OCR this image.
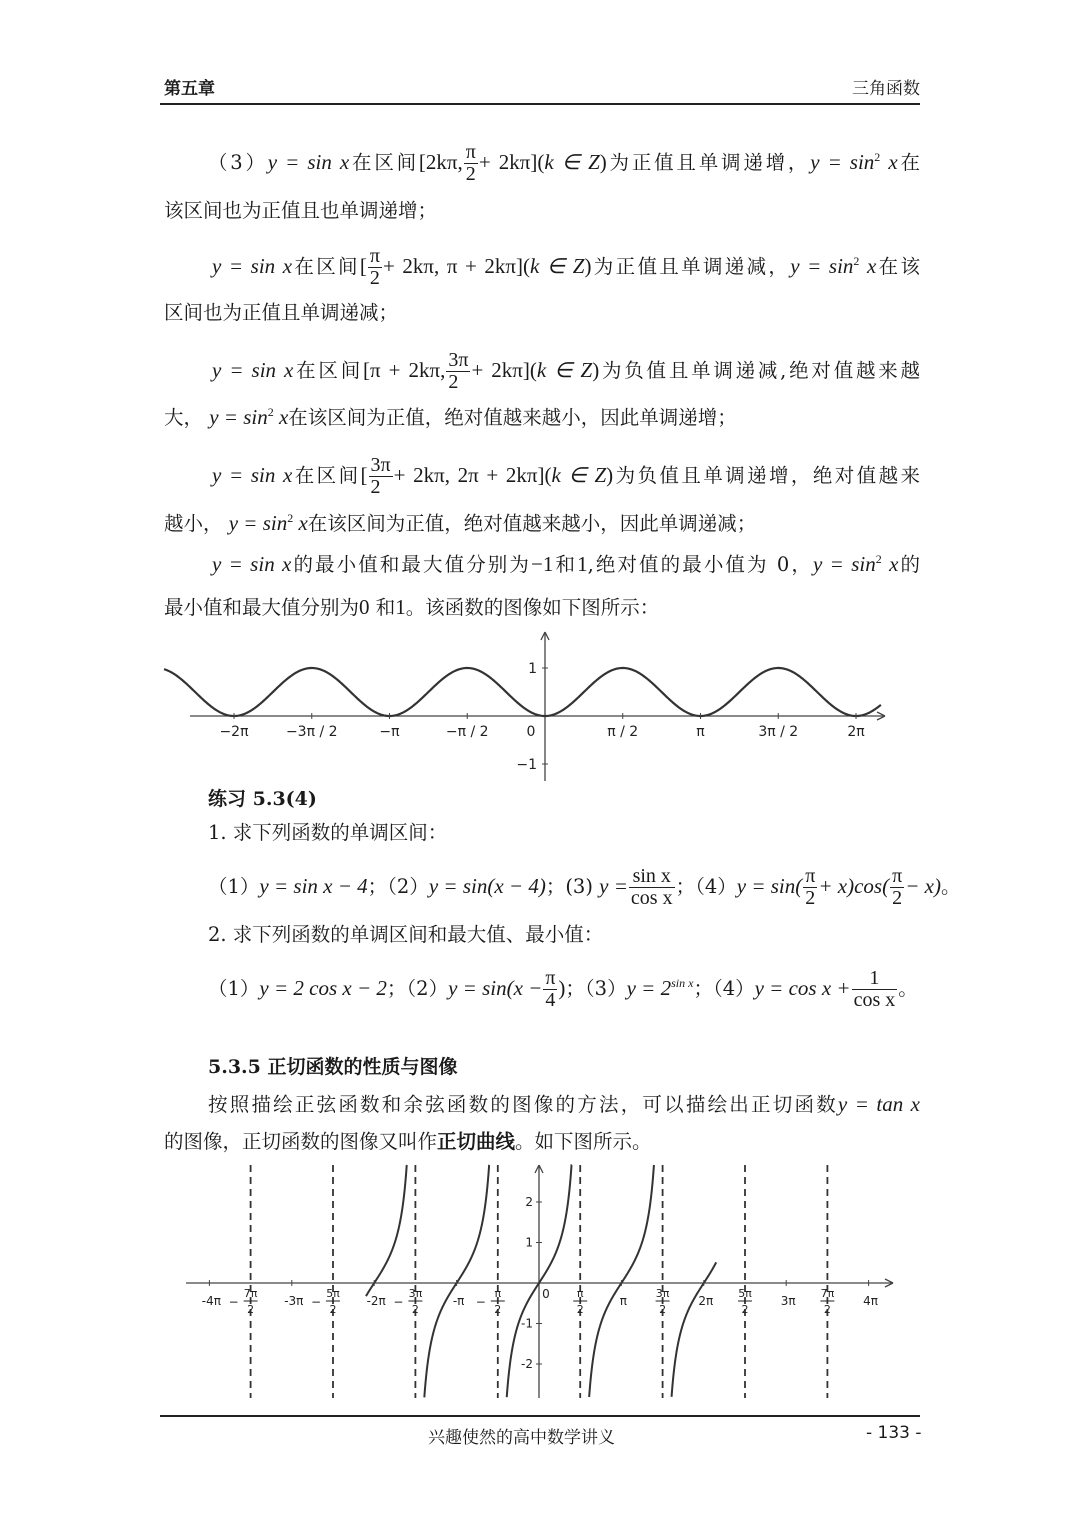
第五章	三角函数
（3）y = sin x在区间[2kπ, $\frac{\pi}{2} + 2k\pi](k$ ∈ Z)为正值且单调递增，$y = \sin^2 x$在
该区间也为正值且也单调递增；
y = sin x在区间[ $\frac{\pi}{2} + 2k\pi$, π + 2kπ](k ∈ Z)为正值且单调递减，$y = \sin^2 x$在该
区间也为正值且单调递减；
y = sin x在区间[π + 2kπ, $\frac{3\pi}{2} + 2k\pi](k$ ∈ Z)为负值且单调递减,绝对值越来越
大， $y = \sin^2 x$在该区间为正值，绝对值越来越小，因此单调递增；
y = sin x在区间[ $\frac{3\pi}{2} + 2k\pi$, 2π + 2kπ](k ∈ Z)为负值且单调递增，绝对值越来
越小， $y = \sin^2 x$在该区间为正值，绝对值越来越小，因此单调递减；
y = sin x的最小值和最大值分别为−1和1,绝对值的最小值为 0，$y = \sin^2 x$的
最小值和最大值分别为0 和1。该函数的图像如下图所示：
−2π	−3π / 2	−π	−π / 2	0	π / 2	π	3π / 2	2π
1
−1
练习 5.3(4)
1. 求下列函数的单调区间：
（1）y = sin x − 4；（2）y = sin(x − 4)；(3) $y = \frac{\text{sin x}}{\text{cos x}}$ ；$(4)y = \sin( \frac{\pi}{2} + x)\cos( \frac{\pi}{2} - x)$。
2. 求下列函数的单调区间和最大值、最小值：
（1）y = 2 cos x − 2；$(2)y = \sin(x - \frac{\pi}{4}$ )；$(3)y = 2^{sin x}$；$(4)y = \cos x + \frac{1}{\text{cos x}}$ 。
5.3.5 正切函数的性质与图像
按照描绘正弦函数和余弦函数的图像的方法，可以描绘出正切函数y = tan x
的图像，正切函数的图像又叫作正切曲线。如下图所示。
-4π	-3π	-2π	-π	0	π	2π	3π	4π
−
7π
2
−
5π
2
−
3π
2
−
π
2
π
2
3π
2
5π
2
7π
2
2
1
-1
-2
兴趣使然的高中数学讲义	- 133 -
